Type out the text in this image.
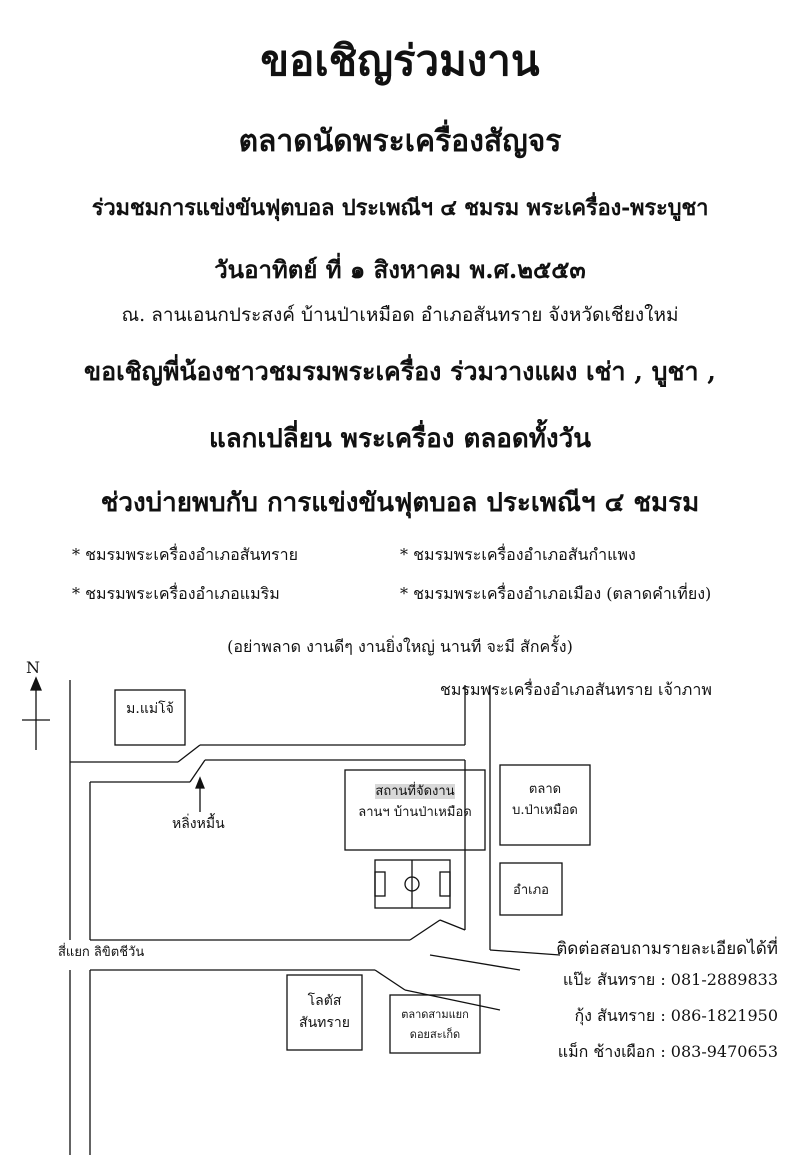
ขอเชิญร่วมงาน
ตลาดนัดพระเครื่องสัญจร
ร่วมชมการแข่งขันฟุตบอล ประเพณีฯ ๔ ชมรม พระเครื่อง-พระบูชา
วันอาทิตย์ ที่ ๑ สิงหาคม พ.ศ.๒๕๕๓
ณ. ลานเอนกประสงค์ บ้านป่าเหมือด อำเภอสันทราย จังหวัดเชียงใหม่
ขอเชิญพี่น้องชาวชมรมพระเครื่อง ร่วมวางแผง เช่า , บูชา ,
แลกเปลี่ยน พระเครื่อง ตลอดทั้งวัน
ช่วงบ่ายพบกับ การแข่งขันฟุตบอล ประเพณีฯ ๔ ชมรม
* ชมรมพระเครื่องอำเภอสันทราย	* ชมรมพระเครื่องอำเภอสันกำแพง
* ชมรมพระเครื่องอำเภอแมริม	* ชมรมพระเครื่องอำเภอเมือง (ตลาดคำเที่ยง)
(อย่าพลาด งานดีๆ งานยิ่งใหญ่ นานที จะมี สักครั้ง)
N
ชมรมพระเครื่องอำเภอสันทราย เจ้าภาพ
ม.แม่โจ้
หลิ่งหมื้น
สถานที่จัดงาน
ลานฯ บ้านป่าเหมือด
ตลาด
บ.ป่าเหมือด
อำเภอ
สี่แยก ลิขิตชีวัน
โลตัส
สันทราย
ตลาดสามแยก
ดอยสะเก็ด
ติดต่อสอบถามรายละเอียดได้ที่
แป๊ะ สันทราย : 081-2889833
กุ้ง สันทราย : 086-1821950
แม็ก ช้างเผือก : 083-9470653
